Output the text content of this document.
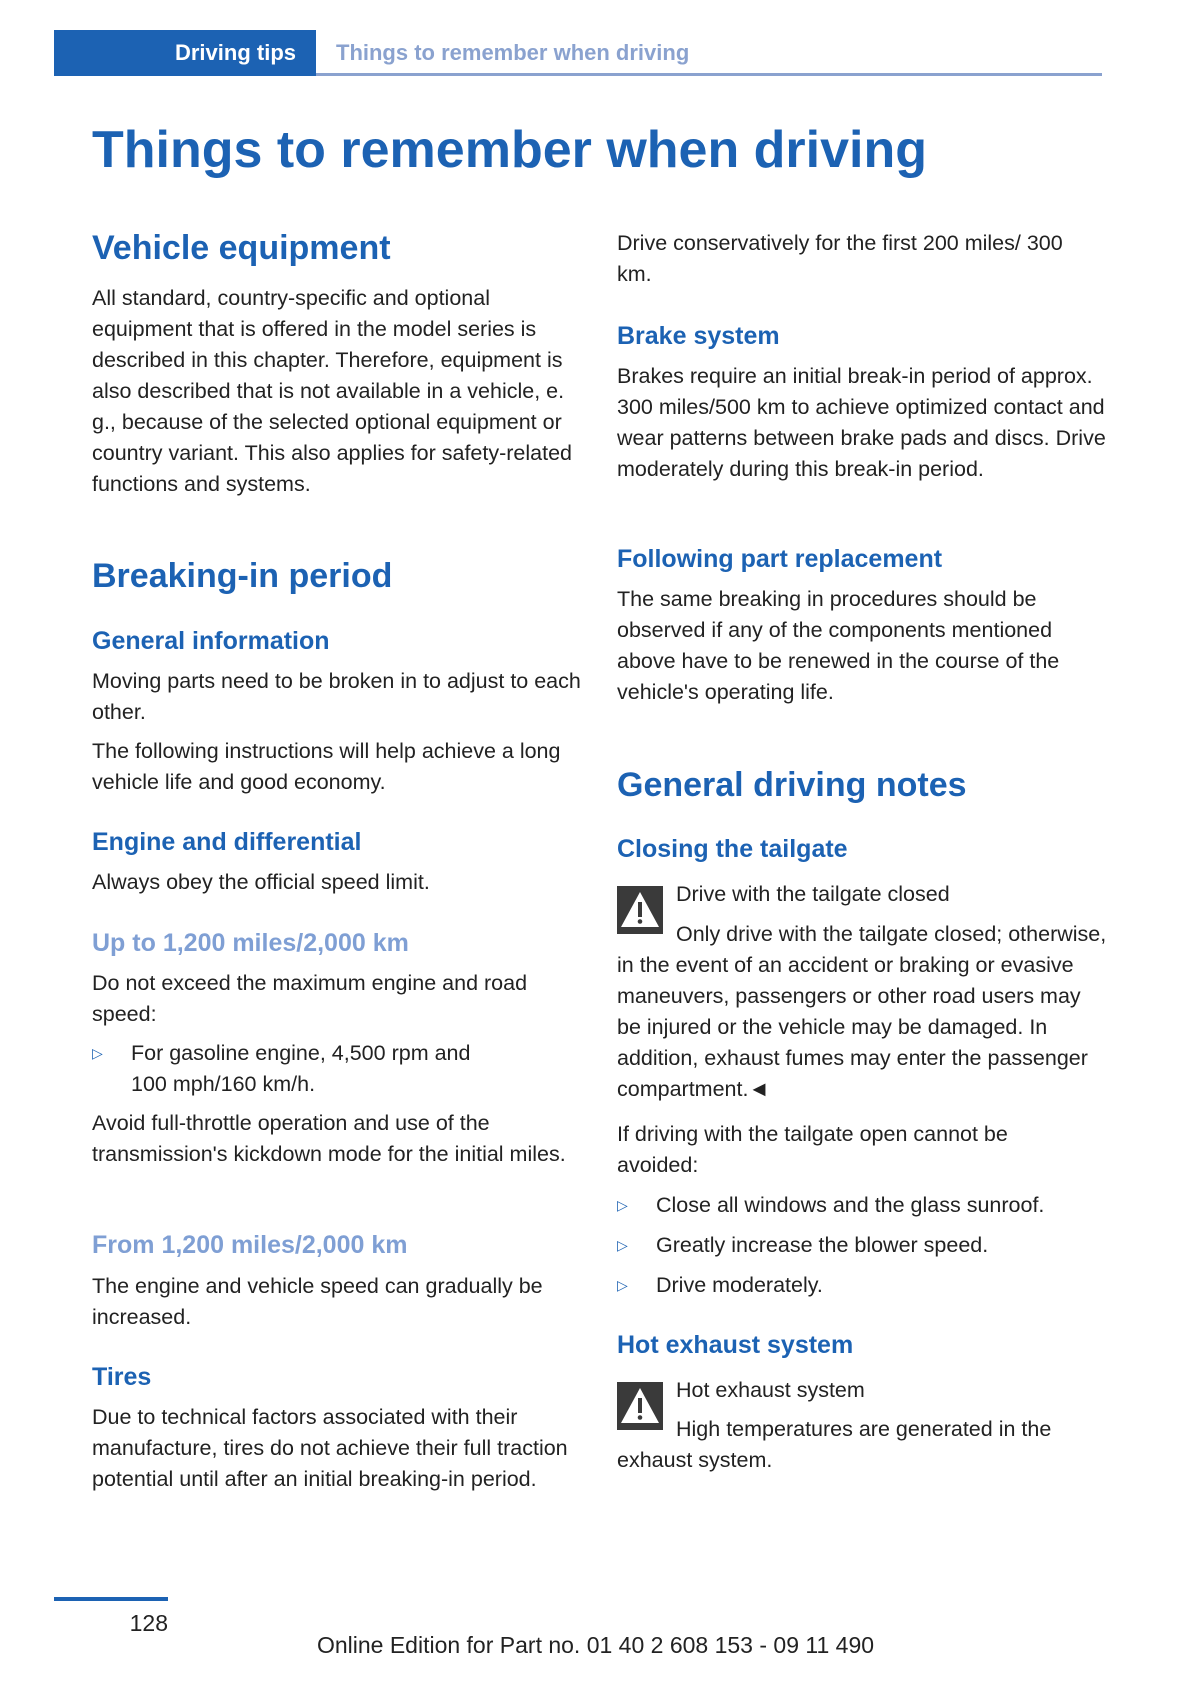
Driving tips Things to remember when driving
Things to remember when driving
Vehicle equipment

All standard, country-specific and optional equipment that is offered in the model series is described in this chapter. Therefore, equipment is also described that is not available in a vehicle, e. g., because of the selected optional equipment or country variant. This also applies for safety-related functions and systems.

Breaking-in period
General information

Moving parts need to be broken in to adjust to each other.

The following instructions will help achieve a long vehicle life and good economy.

Engine and differential

Always obey the official speed limit.

Up to 1,200 miles/2,000 km

Do not exceed the maximum engine and road speed:

▷	For gasoline engine, 4,500 rpm and 100 mph/160 km/h.

Avoid full-throttle operation and use of the transmission's kickdown mode for the initial miles.

From 1,200 miles/2,000 km

The engine and vehicle speed can gradually be increased.

Tires

Due to technical factors associated with their manufacture, tires do not achieve their full traction potential until after an initial breaking-in period.

Drive conservatively for the first 200 miles/ 300 km.

Brake system

Brakes require an initial break-in period of approx. 300 miles/500 km to achieve optimized contact and wear patterns between brake pads and discs. Drive moderately during this break-in period.

Following part replacement

The same breaking in procedures should be observed if any of the components mentioned above have to be renewed in the course of the vehicle's operating life.

General driving notes
Closing the tailgate
Drive with the tailgate closed

Only drive with the tailgate closed; otherwise, in the event of an accident or braking or evasive maneuvers, passengers or other road users may be injured or the vehicle may be damaged. In addition, exhaust fumes may enter the passenger compartment.◄

If driving with the tailgate open cannot be avoided:

▷	Close all windows and the glass sunroof.
▷	Greatly increase the blower speed.
▷	Drive moderately.
Hot exhaust system
Hot exhaust system

High temperatures are generated in the exhaust system.

128
Online Edition for Part no. 01 40 2 608 153 - 09 11 490
